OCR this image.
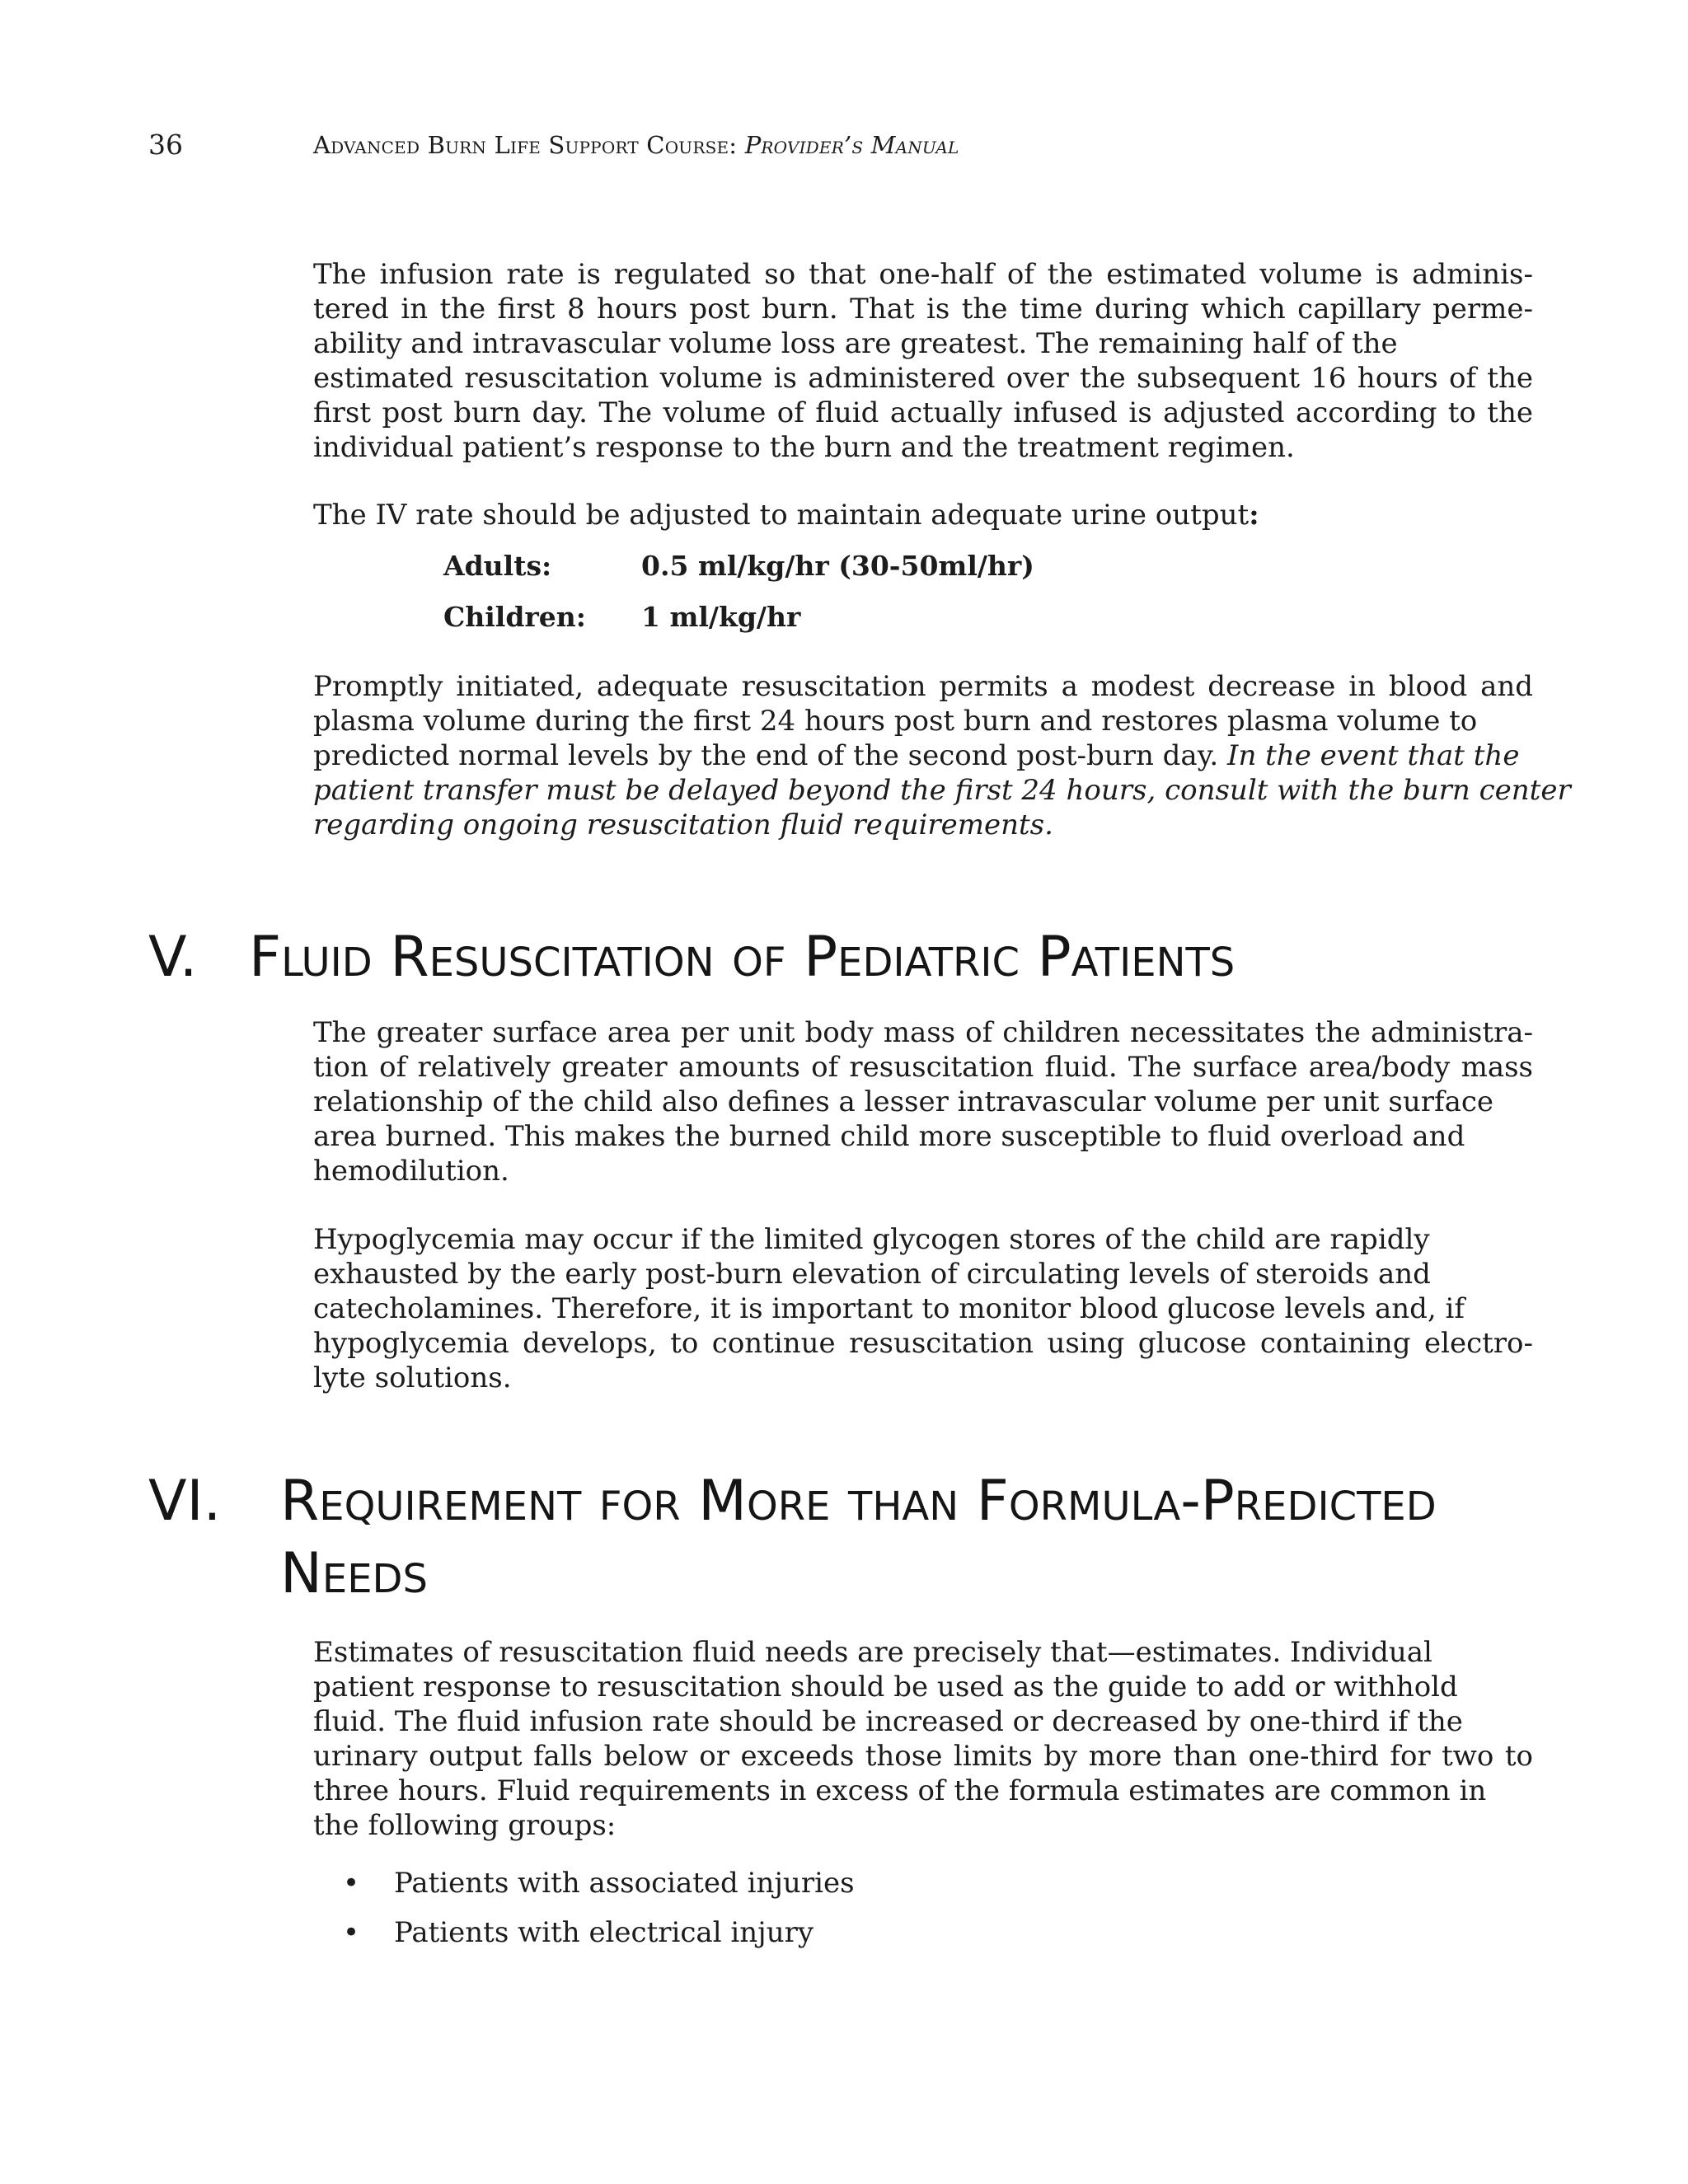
36	Advanced Burn Life Support Course: Provider’s Manual
The infusion rate is regulated so that one-half of the estimated volume is adminis-
tered in the first 8 hours post burn. That is the time during which capillary perme-
ability and intravascular volume loss are greatest. The remaining half of the
estimated resuscitation volume is administered over the subsequent 16 hours of the
first post burn day. The volume of fluid actually infused is adjusted according to the
individual patient’s response to the burn and the treatment regimen.
The IV rate should be adjusted to maintain adequate urine output:
Adults:	0.5 ml/kg/hr (30-50ml/hr)
Children: 1 ml/kg/hr
Promptly initiated, adequate resuscitation permits a modest decrease in blood and
plasma volume during the first 24 hours post burn and restores plasma volume to
predicted normal levels by the end of the second post-burn day. In the event that the
patient transfer must be delayed beyond the first 24 hours, consult with the burn center
regarding ongoing resuscitation fluid requirements.
V. Fluid Resuscitation of Pediatric Patients
The greater surface area per unit body mass of children necessitates the administra-
tion of relatively greater amounts of resuscitation fluid. The surface area/body mass
relationship of the child also defines a lesser intravascular volume per unit surface
area burned. This makes the burned child more susceptible to fluid overload and
hemodilution.
Hypoglycemia may occur if the limited glycogen stores of the child are rapidly
exhausted by the early post-burn elevation of circulating levels of steroids and
catecholamines. Therefore, it is important to monitor blood glucose levels and, if
hypoglycemia develops, to continue resuscitation using glucose containing electro-
lyte solutions.
VI. Requirement for More than Formula-Predicted
Needs
Estimates of resuscitation fluid needs are precisely that—estimates. Individual
patient response to resuscitation should be used as the guide to add or withhold
fluid. The fluid infusion rate should be increased or decreased by one-third if the
urinary output falls below or exceeds those limits by more than one-third for two to
three hours. Fluid requirements in excess of the formula estimates are common in
the following groups:
• Patients with associated injuries
• Patients with electrical injury
